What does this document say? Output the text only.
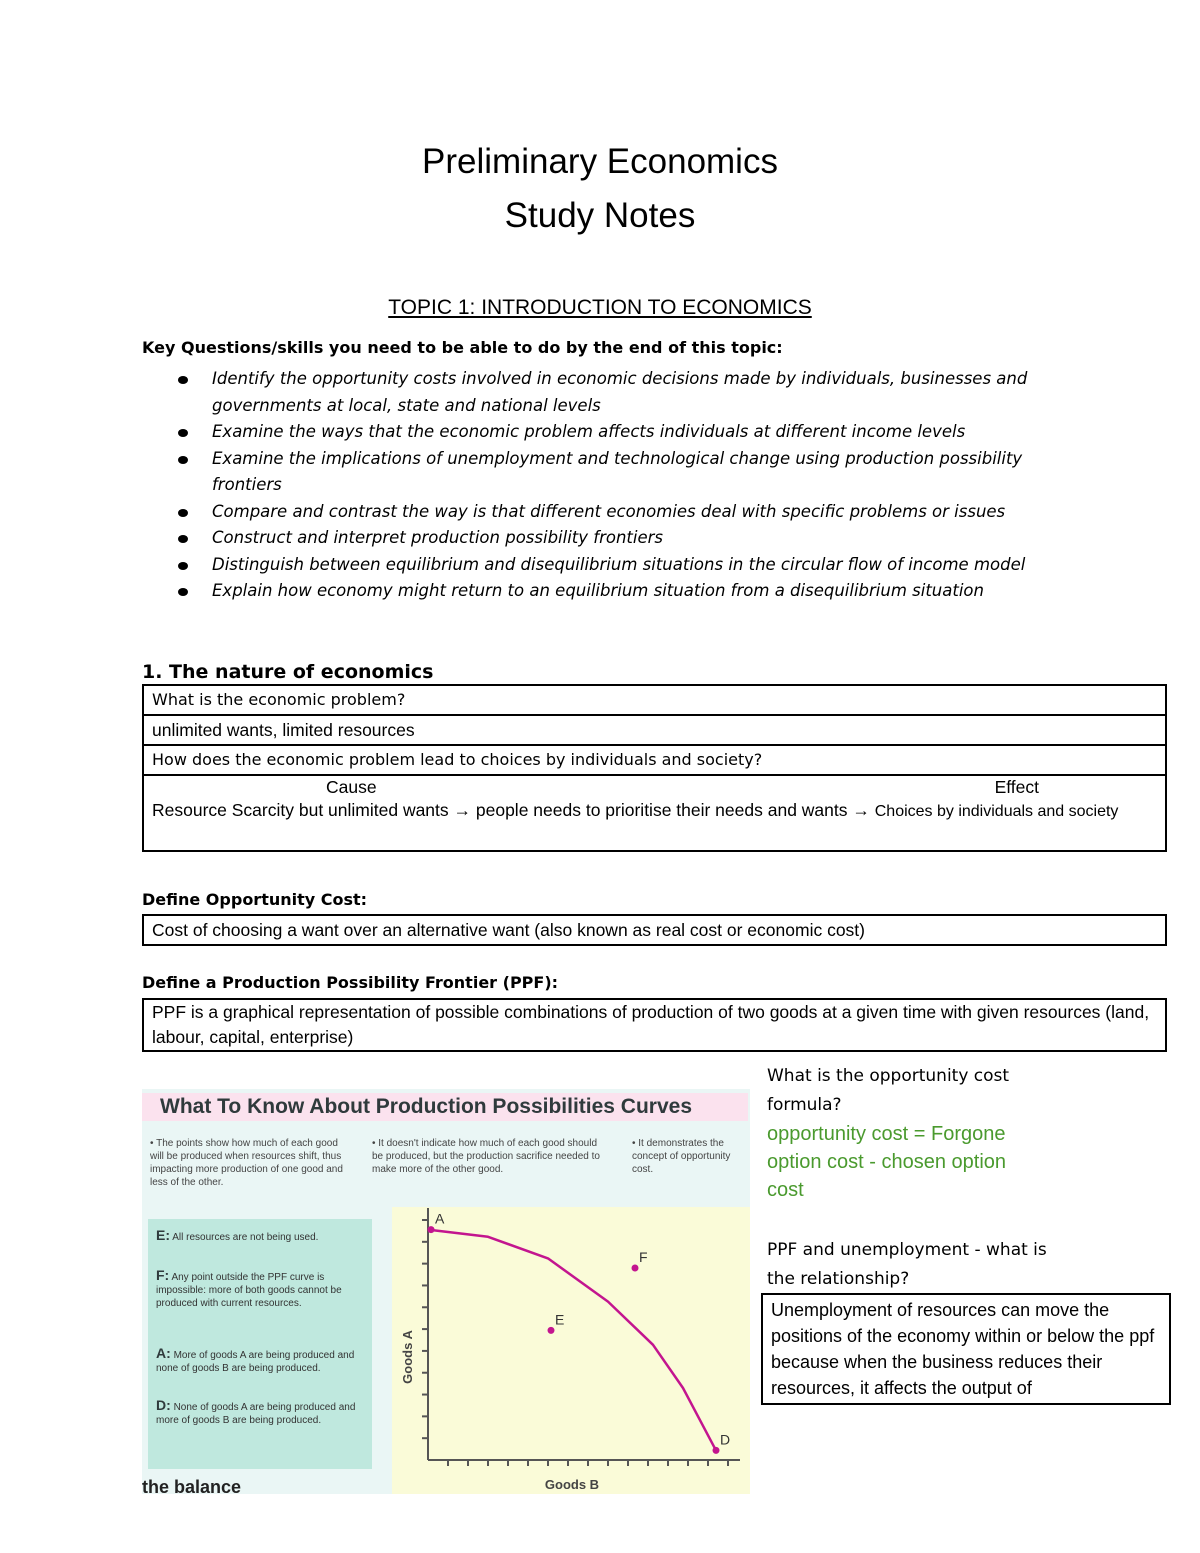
Preliminary Economics
Study Notes
TOPIC 1: INTRODUCTION TO ECONOMICS
Key Questions/skills you need to be able to do by the end of this topic:
Identify the opportunity costs involved in economic decisions made by individuals, businesses and governments at local, state and national levels
Examine the ways that the economic problem affects individuals at different income levels
Examine the implications of unemployment and technological change using production possibility frontiers
Compare and contrast the way is that different economies deal with specific problems or issues
Construct and interpret production possibility frontiers
Distinguish between equilibrium and disequilibrium situations in the circular flow of income model
Explain how economy might return to an equilibrium situation from a disequilibrium situation
1. The nature of economics
What is the economic problem?
unlimited wants, limited resources
How does the economic problem lead to choices by individuals and society?

Cause	Effect
Resource Scarcity but unlimited wants → people needs to prioritise their needs and wants → Choices by individuals and society
Define Opportunity Cost:
Cost of choosing a want over an alternative want (also known as real cost or economic cost)
Define a Production Possibility Frontier (PPF):
PPF is a graphical representation of possible combinations of production of two goods at a given time with given resources (land, labour, capital, enterprise)
What To Know About Production Possibilities Curves
• The points show how much of each good will be produced when resources shift, thus impacting more production of one good and less of the other.
• It doesn't indicate how much of each good should be produced, but the production sacrifice needed to make more of the other good.
• It demonstrates the concept of opportunity cost.

E: All resources are not being used.

F: Any point outside the PPF curve is impossible: more of both goods cannot be produced with current resources.

A: More of goods A are being produced and none of goods B are being produced.

D: None of goods A are being produced and more of goods B are being produced.

Goods A
Goods B
A
F
E
D
the balance
What is the opportunity cost
formula?
opportunity cost = Forgone
option cost - chosen option
cost
PPF and unemployment - what is
the relationship?
Unemployment of resources can move the positions of the economy within or below the ppf because when the business reduces their resources, it affects the output of
